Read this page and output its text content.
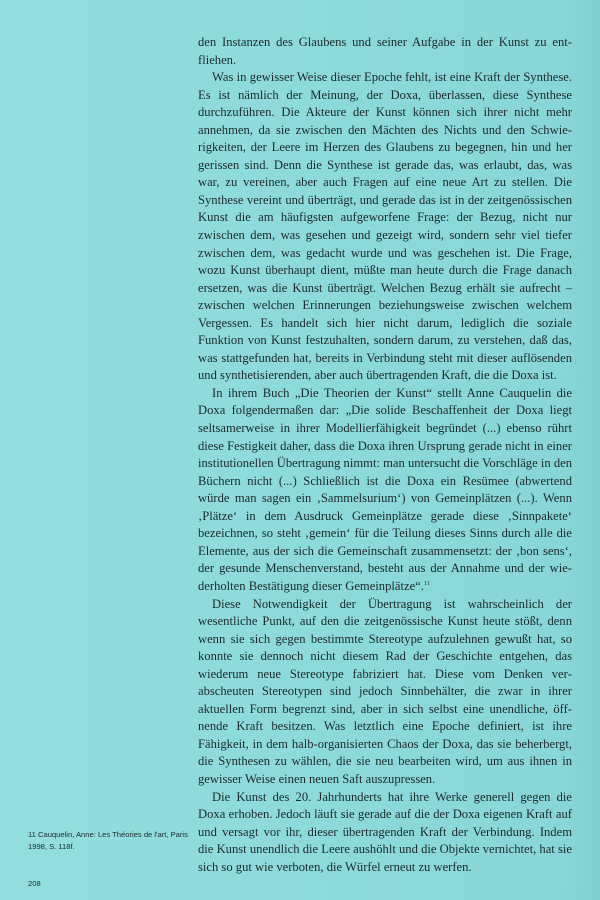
den Instanzen des Glaubens und seiner Aufgabe in der Kunst zu entfliehen.

Was in gewisser Weise dieser Epoche fehlt, ist eine Kraft der Synthese. Es ist nämlich der Meinung, der Doxa, überlassen, diese Synthese durchzuführen. Die Akteure der Kunst können sich ihrer nicht mehr annehmen, da sie zwischen den Mächten des Nichts und den Schwierigkeiten, der Leere im Herzen des Glaubens zu begegnen, hin und her gerissen sind. Denn die Synthese ist gerade das, was erlaubt, das, was war, zu vereinen, aber auch Fragen auf eine neue Art zu stellen. Die Synthese vereint und überträgt, und gerade das ist in der zeitgenössischen Kunst die am häufigsten aufgeworfene Frage: der Bezug, nicht nur zwischen dem, was gesehen und gezeigt wird, sondern sehr viel tiefer zwischen dem, was gedacht wurde und was geschehen ist. Die Frage, wozu Kunst überhaupt dient, müßte man heute durch die Frage danach ersetzen, was die Kunst überträgt. Welchen Bezug erhält sie aufrecht – zwischen welchen Erinnerungen beziehungsweise zwischen welchem Vergessen. Es handelt sich hier nicht darum, lediglich die soziale Funktion von Kunst festzuhalten, sondern darum, zu verstehen, daß das, was stattgefunden hat, bereits in Verbindung steht mit dieser auflösenden und synthetisierenden, aber auch übertragenden Kraft, die die Doxa ist.

In ihrem Buch „Die Theorien der Kunst“ stellt Anne Cauquelin die Doxa folgendermaßen dar: „Die solide Beschaffenheit der Doxa liegt seltsamerweise in ihrer Modellierfähigkeit begründet (...) ebenso rührt diese Festigkeit daher, dass die Doxa ihren Ursprung gerade nicht in einer institutionellen Übertragung nimmt: man untersucht die Vorschläge in den Büchern nicht (...) Schließlich ist die Doxa ein Resümee (abwertend würde man sagen ein ‚Sammelsurium‘) von Gemeinplätzen (...). Wenn ‚Plätze‘ in dem Ausdruck Gemeinplätze gerade diese ‚Sinnpakete‘ bezeichnen, so steht ‚gemein‘ für die Teilung dieses Sinns durch alle die Elemente, aus der sich die Gemeinschaft zusammensetzt: der ‚bon sens‘, der gesunde Menschenverstand, besteht aus der Annahme und der wiederholten Bestätigung dieser Gemeinplätze“.$^{11}$

Diese Notwendigkeit der Übertragung ist wahrscheinlich der wesentliche Punkt, auf den die zeitgenössische Kunst heute stößt, denn wenn sie sich gegen bestimmte Stereotype aufzulehnen gewußt hat, so konnte sie dennoch nicht diesem Rad der Geschichte entgehen, das wiederum neue Stereotype fabriziert hat. Diese vom Denken verabscheuten Stereotypen sind jedoch Sinnbehälter, die zwar in ihrer aktuellen Form begrenzt sind, aber in sich selbst eine unendliche, öffnende Kraft besitzen. Was letztlich eine Epoche definiert, ist ihre Fähigkeit, in dem halb-organisierten Chaos der Doxa, das sie beherbergt, die Synthesen zu wählen, die sie neu bearbeiten wird, um aus ihnen in gewisser Weise einen neuen Saft auszupressen.

Die Kunst des 20. Jahrhunderts hat ihre Werke generell gegen die Doxa erhoben. Jedoch läuft sie gerade auf die der Doxa eigenen Kraft auf und versagt vor ihr, dieser übertragenden Kraft der Verbindung. Indem die Kunst unendlich die Leere aushöhlt und die Objekte vernichtet, hat sie sich so gut wie verboten, die Würfel erneut zu werfen.

11 Cauquelin, Anne: Les Théories de l'art, Paris 1998, S. 118f.
208
